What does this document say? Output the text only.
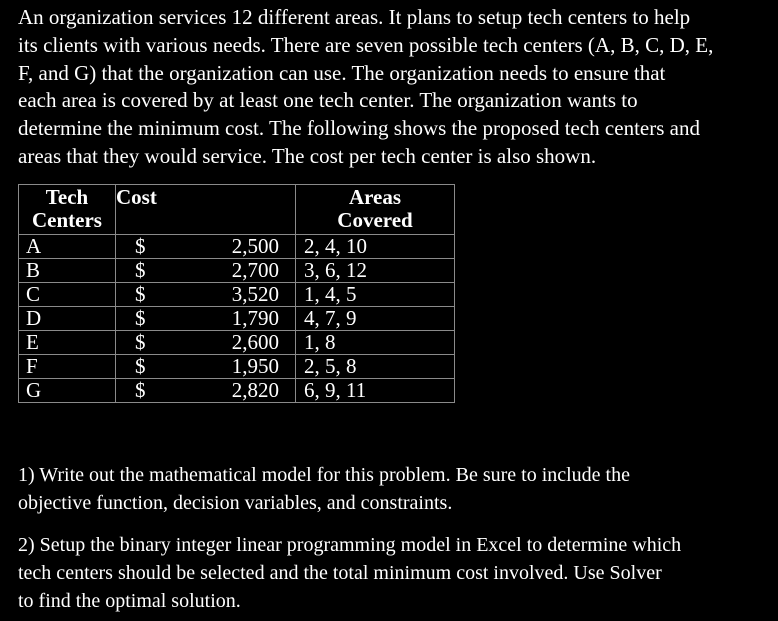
An organization services 12 different areas. It plans to setup tech centers to help
its clients with various needs. There are seven possible tech centers (A, B, C, D, E,
F, and G) that the organization can use. The organization needs to ensure that
each area is covered by at least one tech center. The organization wants to
determine the minimum cost. The following shows the proposed tech centers and
areas that they would service. The cost per tech center is also shown.
Tech
Centers	Cost	Areas
Covered
A	$ 2,500	2, 4, 10
B	$ 2,700	3, 6, 12
C	$ 3,520	1, 4, 5
D	$ 1,790	4, 7, 9
E	$ 2,600	1, 8
F	$ 1,950	2, 5, 8
G	$ 2,820	6, 9, 11
1) Write out the mathematical model for this problem. Be sure to include the
objective function, decision variables, and constraints.
2) Setup the binary integer linear programming model in Excel to determine which
tech centers should be selected and the total minimum cost involved. Use Solver
to find the optimal solution.
